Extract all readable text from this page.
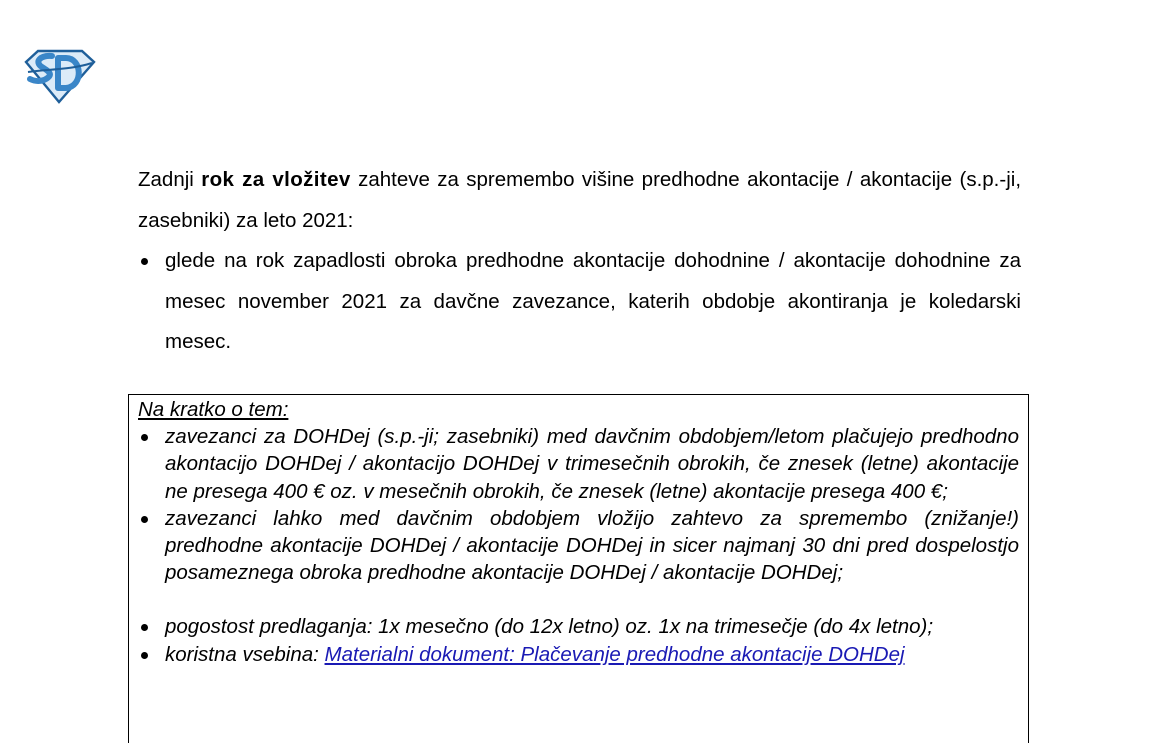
Zadnji rok za vložitev zahteve za spremembo višine predhodne akontacije / akontacije (s.p.-ji, zasebniki) za leto 2021:

glede na rok zapadlosti obroka predhodne akontacije dohodnine / akontacije dohodnine za mesec november 2021 za davčne zavezance, katerih obdobje akontiranja je koledarski mesec.

Na kratko o tem:

zavezanci za DOHDej (s.p.-ji; zasebniki) med davčnim obdobjem/letom plačujejo predhodno akontacijo DOHDej / akontacijo DOHDej v trimesečnih obrokih, če znesek (letne) akontacije ne presega 400 € oz. v mesečnih obrokih, če znesek (letne) akontacije presega 400 €;
zavezanci lahko med davčnim obdobjem vložijo zahtevo za spremembo (znižanje!) predhodne akontacije DOHDej / akontacije DOHDej in sicer najmanj 30 dni pred dospelostjo posameznega obroka predhodne akontacije DOHDej / akontacije DOHDej;
pogostost predlaganja: 1x mesečno (do 12x letno) oz. 1x na trimesečje (do 4x letno);
koristna vsebina: Materialni dokument: Plačevanje predhodne akontacije DOHDej
